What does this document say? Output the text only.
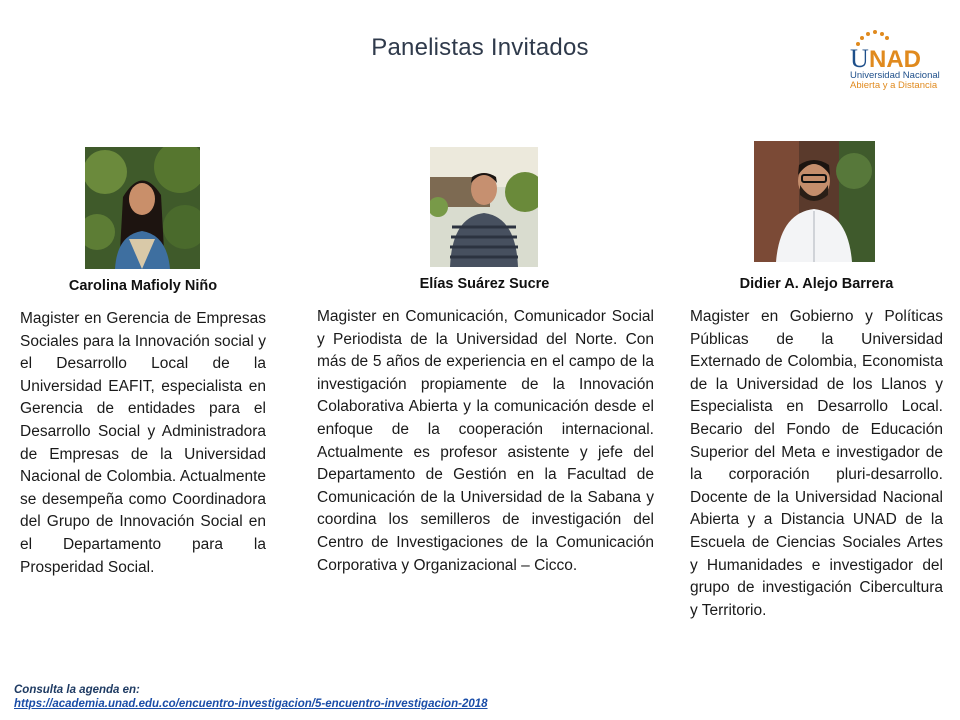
Panelistas Invitados	U NAD
Universidad Nacional
Abierta y a Distancia
Carolina Mafioly Niño	Elías Suárez Sucre	Didier A. Alejo Barrera
Magister en Gerencia de Empresas Sociales para la Innovación social y el Desarrollo Local de la Universidad EAFIT, especialista en Gerencia de entidades para el Desarrollo Social y Administradora de Empresas de la Universidad Nacional de Colombia. Actualmente se desempeña como Coordinadora del Grupo de Innovación Social en el Departamento para la Prosperidad Social.
Magister en Comunicación, Comunicador Social y Periodista de la Universidad del Norte. Con más de 5 años de experiencia en el campo de la investigación propiamente de la Innovación Colaborativa Abierta y la comunicación desde el enfoque de la cooperación internacional. Actualmente es profesor asistente y jefe del Departamento de Gestión en la Facultad de Comunicación de la Universidad de la Sabana y coordina los semilleros de investigación del Centro de Investigaciones de la Comunicación Corporativa y Organizacional – Cicco.
Magister en Gobierno y Políticas Públicas de la Universidad Externado de Colombia, Economista de la Universidad de los Llanos y Especialista en Desarrollo Local. Becario del Fondo de Educación Superior del Meta e investigador de la corporación pluri-desarrollo. Docente de la Universidad Nacional Abierta y a Distancia UNAD de la Escuela de Ciencias Sociales Artes y Humanidades e investigador del grupo de investigación Cibercultura y Territorio.
Consulta la agenda en:
https://academia.unad.edu.co/encuentro-investigacion/5-encuentro-investigacion-2018
